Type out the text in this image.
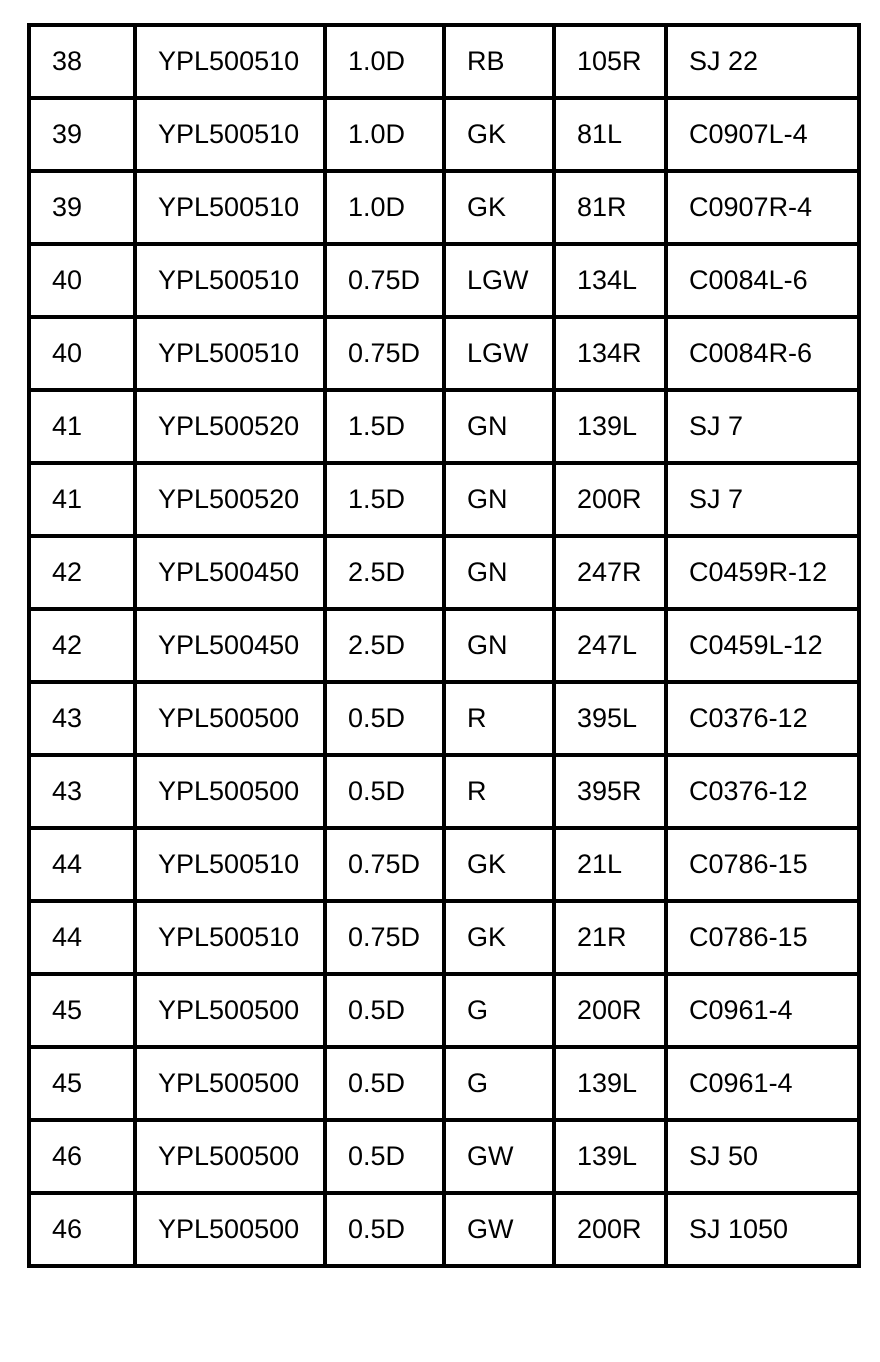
38	YPL500510	1.0D	RB	105R	SJ 22
39	YPL500510	1.0D	GK	81L	C0907L-4
39	YPL500510	1.0D	GK	81R	C0907R-4
40	YPL500510	0.75D	LGW	134L	C0084L-6
40	YPL500510	0.75D	LGW	134R	C0084R-6
41	YPL500520	1.5D	GN	139L	SJ 7
41	YPL500520	1.5D	GN	200R	SJ 7
42	YPL500450	2.5D	GN	247R	C0459R-12
42	YPL500450	2.5D	GN	247L	C0459L-12
43	YPL500500	0.5D	R	395L	C0376-12
43	YPL500500	0.5D	R	395R	C0376-12
44	YPL500510	0.75D	GK	21L	C0786-15
44	YPL500510	0.75D	GK	21R	C0786-15
45	YPL500500	0.5D	G	200R	C0961-4
45	YPL500500	0.5D	G	139L	C0961-4
46	YPL500500	0.5D	GW	139L	SJ 50
46	YPL500500	0.5D	GW	200R	SJ 1050
